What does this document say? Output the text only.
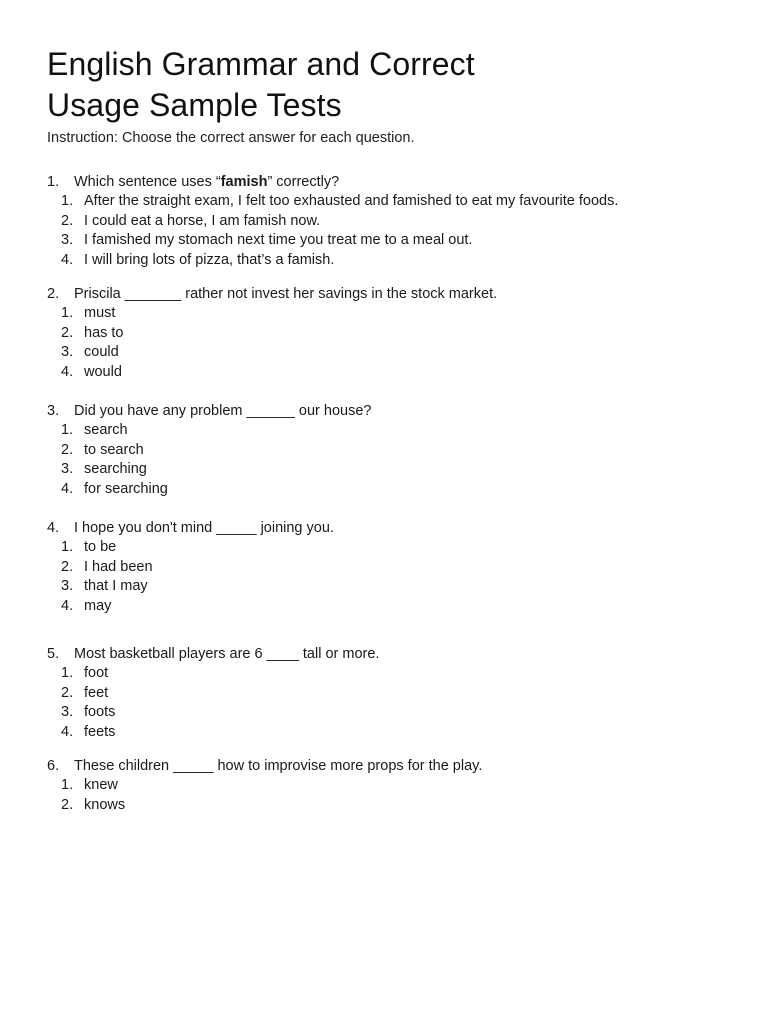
English Grammar and Correct
Usage Sample Tests
Instruction: Choose the correct answer for each question.
1. Which sentence uses “famish” correctly?
1. After the straight exam, I felt too exhausted and famished to eat my favourite foods.
2. I could eat a horse, I am famish now.
3. I famished my stomach next time you treat me to a meal out.
4. I will bring lots of pizza, that’s a famish.
2. Priscila _______ rather not invest her savings in the stock market.
1. must
2. has to
3. could
4. would
3. Did you have any problem ______ our house?
1. search
2. to search
3. searching
4. for searching
4. I hope you don't mind _____ joining you.
1. to be
2. I had been
3. that I may
4. may
5. Most basketball players are 6 ____ tall or more.
1. foot
2. feet
3. foots
4. feets
6. These children _____ how to improvise more props for the play.
1. knew
2. knows
